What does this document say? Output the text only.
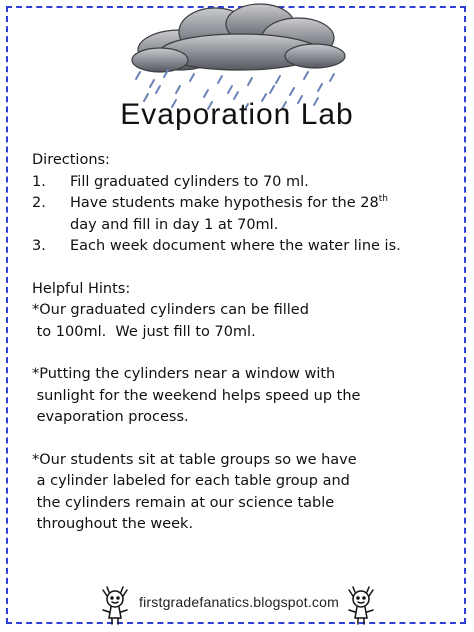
Evaporation Lab
Directions:
1. Fill graduated cylinders to 70 ml.
2. Have students make hypothesis for the 28th
day and fill in day 1 at 70ml.
3. Each week document where the water line is.
Helpful Hints:
*Our graduated cylinders can be filled
to 100ml.  We just fill to 70ml.
*Putting the cylinders near a window with
sunlight for the weekend helps speed up the
evaporation process.
*Our students sit at table groups so we have
a cylinder labeled for each table group and
the cylinders remain at our science table
throughout the week.
firstgradefanatics.blogspot.com
